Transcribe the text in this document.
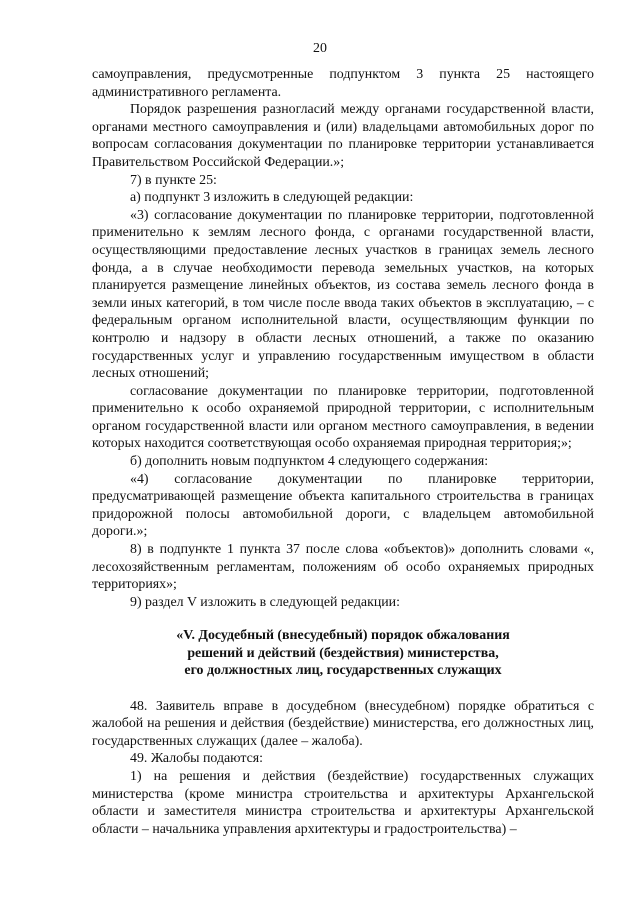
20

самоуправления, предусмотренные подпунктом 3 пункта 25 настоящего административного регламента.

Порядок разрешения разногласий между органами государственной власти, органами местного самоуправления и (или) владельцами автомобильных дорог по вопросам согласования документации по планировке территории устанавливается Правительством Российской Федерации.»;

7) в пункте 25:

а) подпункт 3 изложить в следующей редакции:

«3) согласование документации по планировке территории, подготовленной применительно к землям лесного фонда, с органами государственной власти, осуществляющими предоставление лесных участков в границах земель лесного фонда, а в случае необходимости перевода земельных участков, на которых планируется размещение линейных объектов, из состава земель лесного фонда в земли иных категорий, в том числе после ввода таких объектов в эксплуатацию, – с федеральным органом исполнительной власти, осуществляющим функции по контролю и надзору в области лесных отношений, а также по оказанию государственных услуг и управлению государственным имуществом в области лесных отношений;

согласование документации по планировке территории, подготовленной применительно к особо охраняемой природной территории, с исполнительным органом государственной власти или органом местного самоуправления, в ведении которых находится соответствующая особо охраняемая природная территория;»;

б) дополнить новым подпунктом 4 следующего содержания:

«4) согласование документации по планировке территории, предусматривающей размещение объекта капитального строительства в границах придорожной полосы автомобильной дороги, с владельцем автомобильной дороги.»;

8) в подпункте 1 пункта 37 после слова «объектов)» дополнить словами «, лесохозяйственным регламентам, положениям об особо охраняемых природных территориях»;

9) раздел V изложить в следующей редакции:

«V. Досудебный (внесудебный) порядок обжалования
решений и действий (бездействия) министерства,
его должностных лиц, государственных служащих

48. Заявитель вправе в досудебном (внесудебном) порядке обратиться с жалобой на решения и действия (бездействие) министерства, его должностных лиц, государственных служащих (далее – жалоба).

49. Жалобы подаются:

1) на решения и действия (бездействие) государственных служащих министерства (кроме министра строительства и архитектуры Архангельской области и заместителя министра строительства и архитектуры Архангельской области – начальника управления архитектуры и градостроительства) –
